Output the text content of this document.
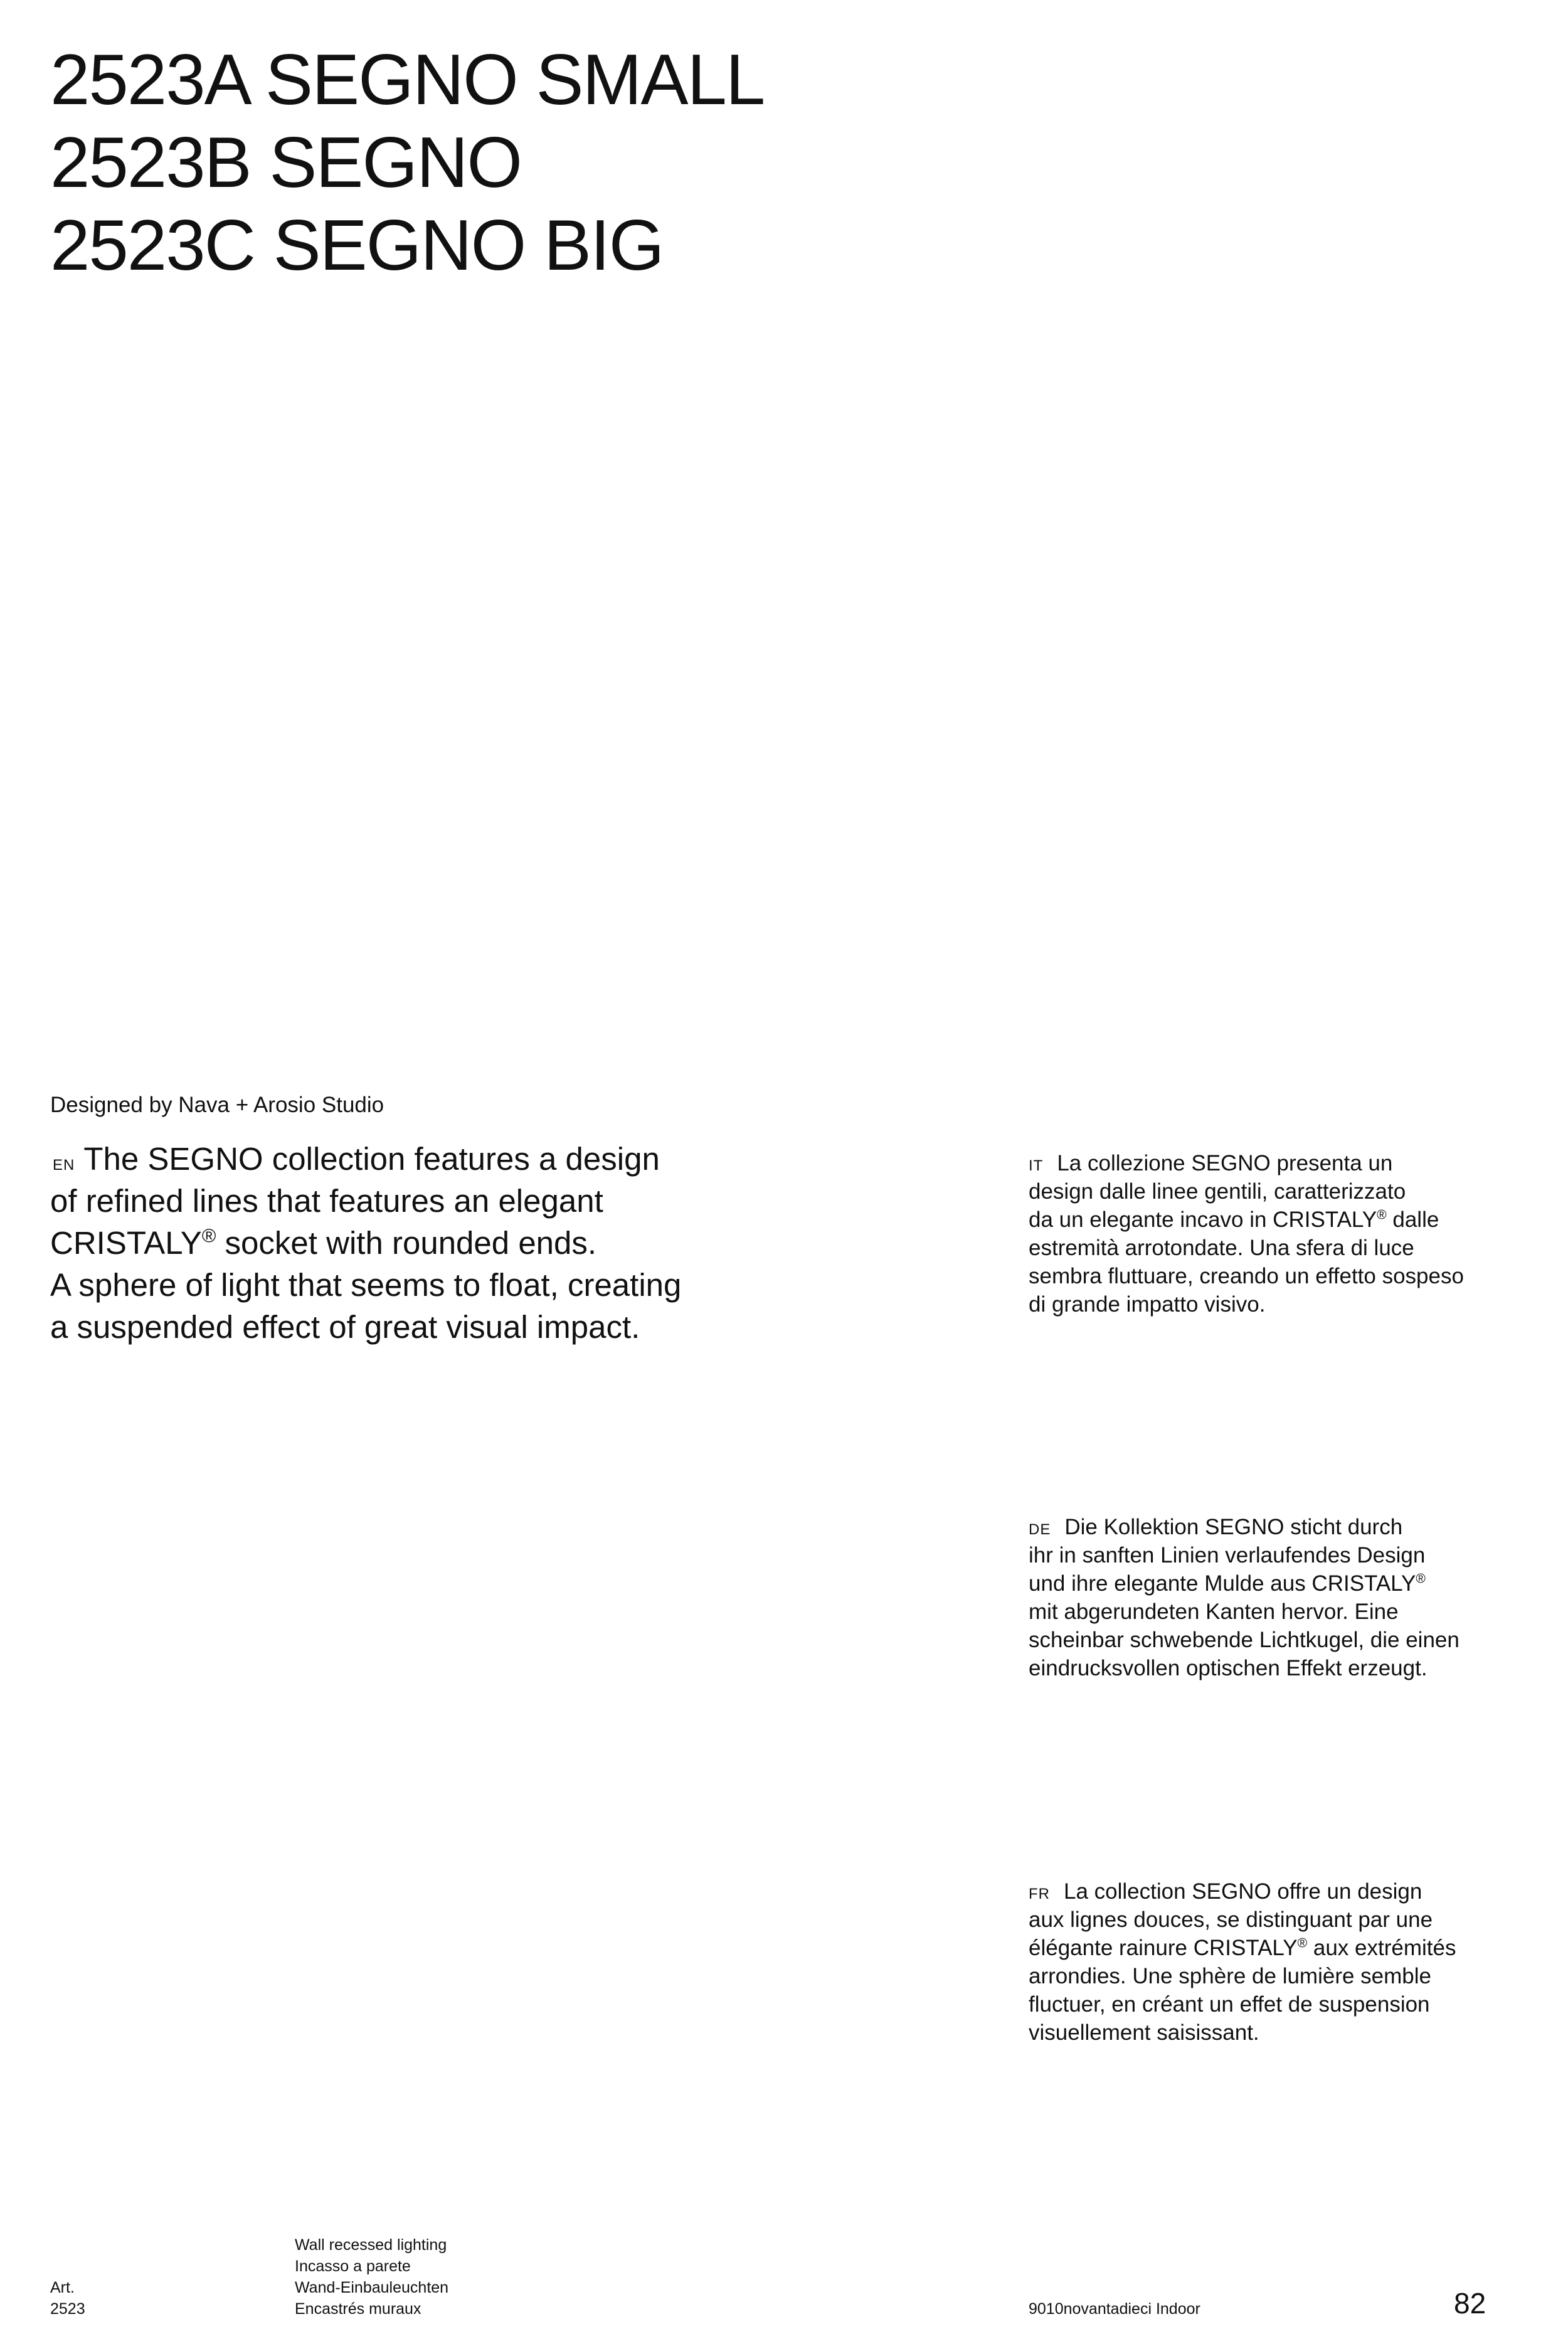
2523A SEGNO SMALL
2523B SEGNO
2523C SEGNO BIG
Designed by Nava + Arosio Studio

EN The SEGNO collection features a design
of refined lines that features an elegant
CRISTALY® socket with rounded ends.
A sphere of light that seems to float, creating
a suspended effect of great visual impact.

IT La collezione SEGNO presenta un
design dalle linee gentili, caratterizzato
da un elegante incavo in CRISTALY® dalle
estremità arrotondate. Una sfera di luce
sembra fluttuare, creando un effetto sospeso
di grande impatto visivo.

DE Die Kollektion SEGNO sticht durch
ihr in sanften Linien verlaufendes Design
und ihre elegante Mulde aus CRISTALY®
mit abgerundeten Kanten hervor. Eine
scheinbar schwebende Lichtkugel, die einen
eindrucksvollen optischen Effekt erzeugt.

FR La collection SEGNO offre un design
aux lignes douces, se distinguant par une
élégante rainure CRISTALY® aux extrémités
arrondies. Une sphère de lumière semble
fluctuer, en créant un effet de suspension
visuellement saisissant.

Art.
2523
Wall recessed lighting
Incasso a parete
Wand-Einbauleuchten
Encastrés muraux	9010novantadieci Indoor	82
